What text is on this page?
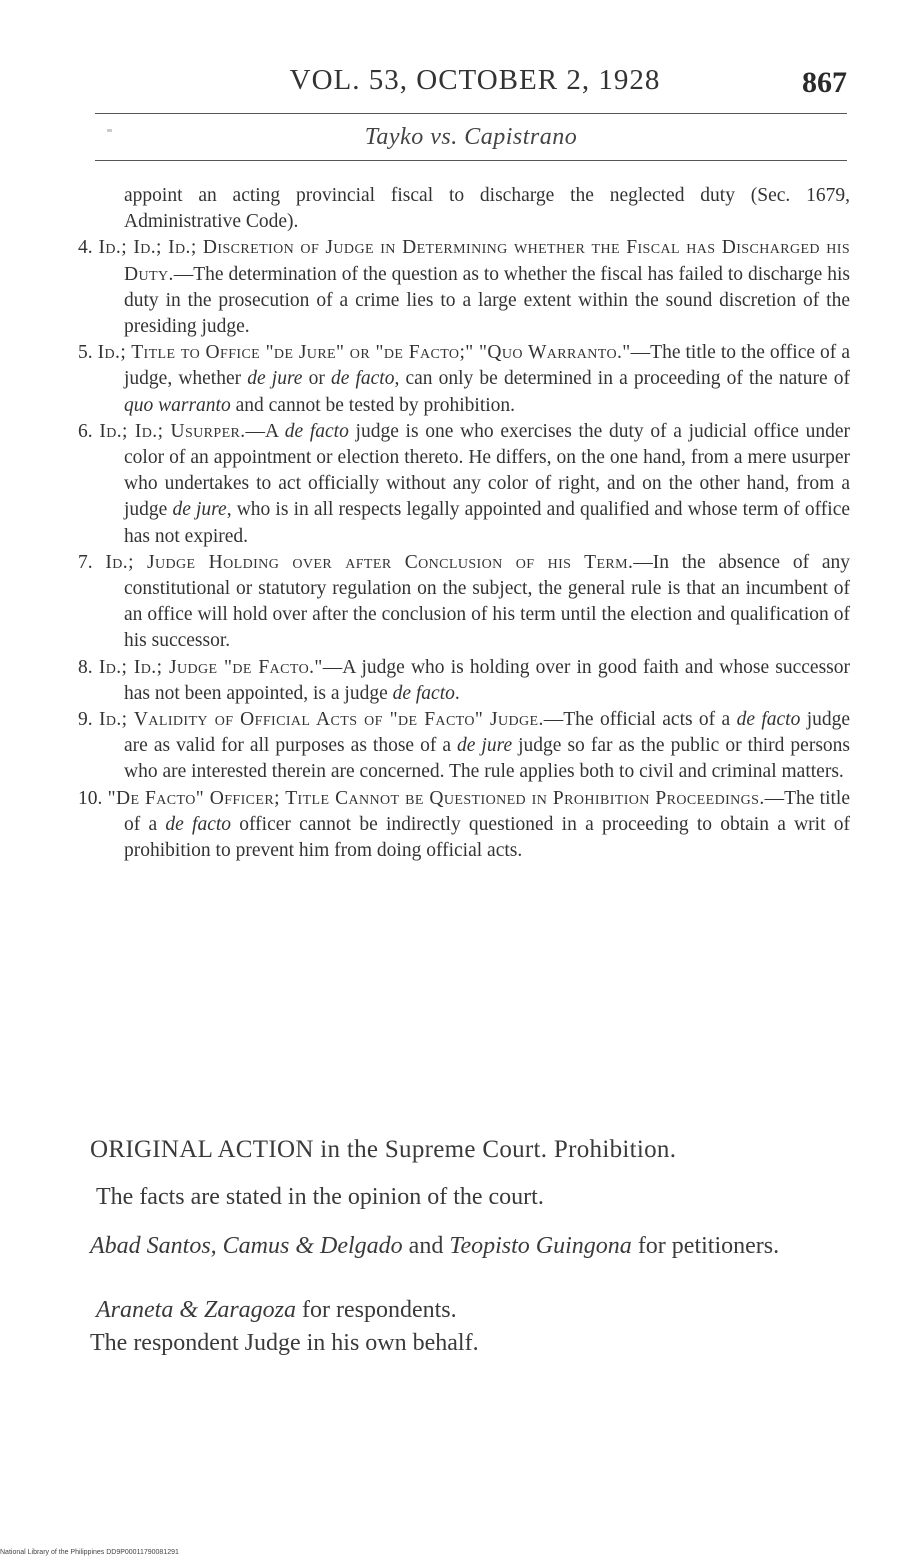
VOL. 53, OCTOBER 2, 1928	867
Tayko vs. Capistrano

appoint an acting provincial fiscal to discharge the neglected duty (Sec. 1679, Administrative Code).

4. Id.; Id.; Id.; Discretion of Judge in Determining whether the Fiscal has Discharged his Duty.—The determination of the question as to whether the fiscal has failed to discharge his duty in the prosecution of a crime lies to a large extent within the sound discretion of the presiding judge.

5. Id.; Title to Office "de Jure" or "de Facto;" "Quo Warranto."—The title to the office of a judge, whether de jure or de facto, can only be determined in a proceeding of the nature of quo warranto and cannot be tested by prohibition.

6. Id.; Id.; Usurper.—A de facto judge is one who exercises the duty of a judicial office under color of an appointment or election thereto. He differs, on the one hand, from a mere usurper who undertakes to act officially without any color of right, and on the other hand, from a judge de jure, who is in all respects legally appointed and qualified and whose term of office has not expired.

7. Id.; Judge Holding over after Conclusion of his Term.—In the absence of any constitutional or statutory regulation on the subject, the general rule is that an incumbent of an office will hold over after the conclusion of his term until the election and qualification of his successor.

8. Id.; Id.; Judge "de Facto."—A judge who is holding over in good faith and whose successor has not been appointed, is a judge de facto.

9. Id.; Validity of Official Acts of "de Facto" Judge.—The official acts of a de facto judge are as valid for all purposes as those of a de jure judge so far as the public or third persons who are interested therein are concerned. The rule applies both to civil and criminal matters.

10. "De Facto" Officer; Title Cannot be Questioned in Prohibition Proceedings.—The title of a de facto officer cannot be indirectly questioned in a proceeding to obtain a writ of prohibition to prevent him from doing official acts.

ORIGINAL ACTION in the Supreme Court. Prohibition.
The facts are stated in the opinion of the court.
Abad Santos, Camus & Delgado and Teopisto Guingona for petitioners.
Araneta & Zaragoza for respondents.
The respondent Judge in his own behalf.
National Library of the Philippines DD9P00011790081291
